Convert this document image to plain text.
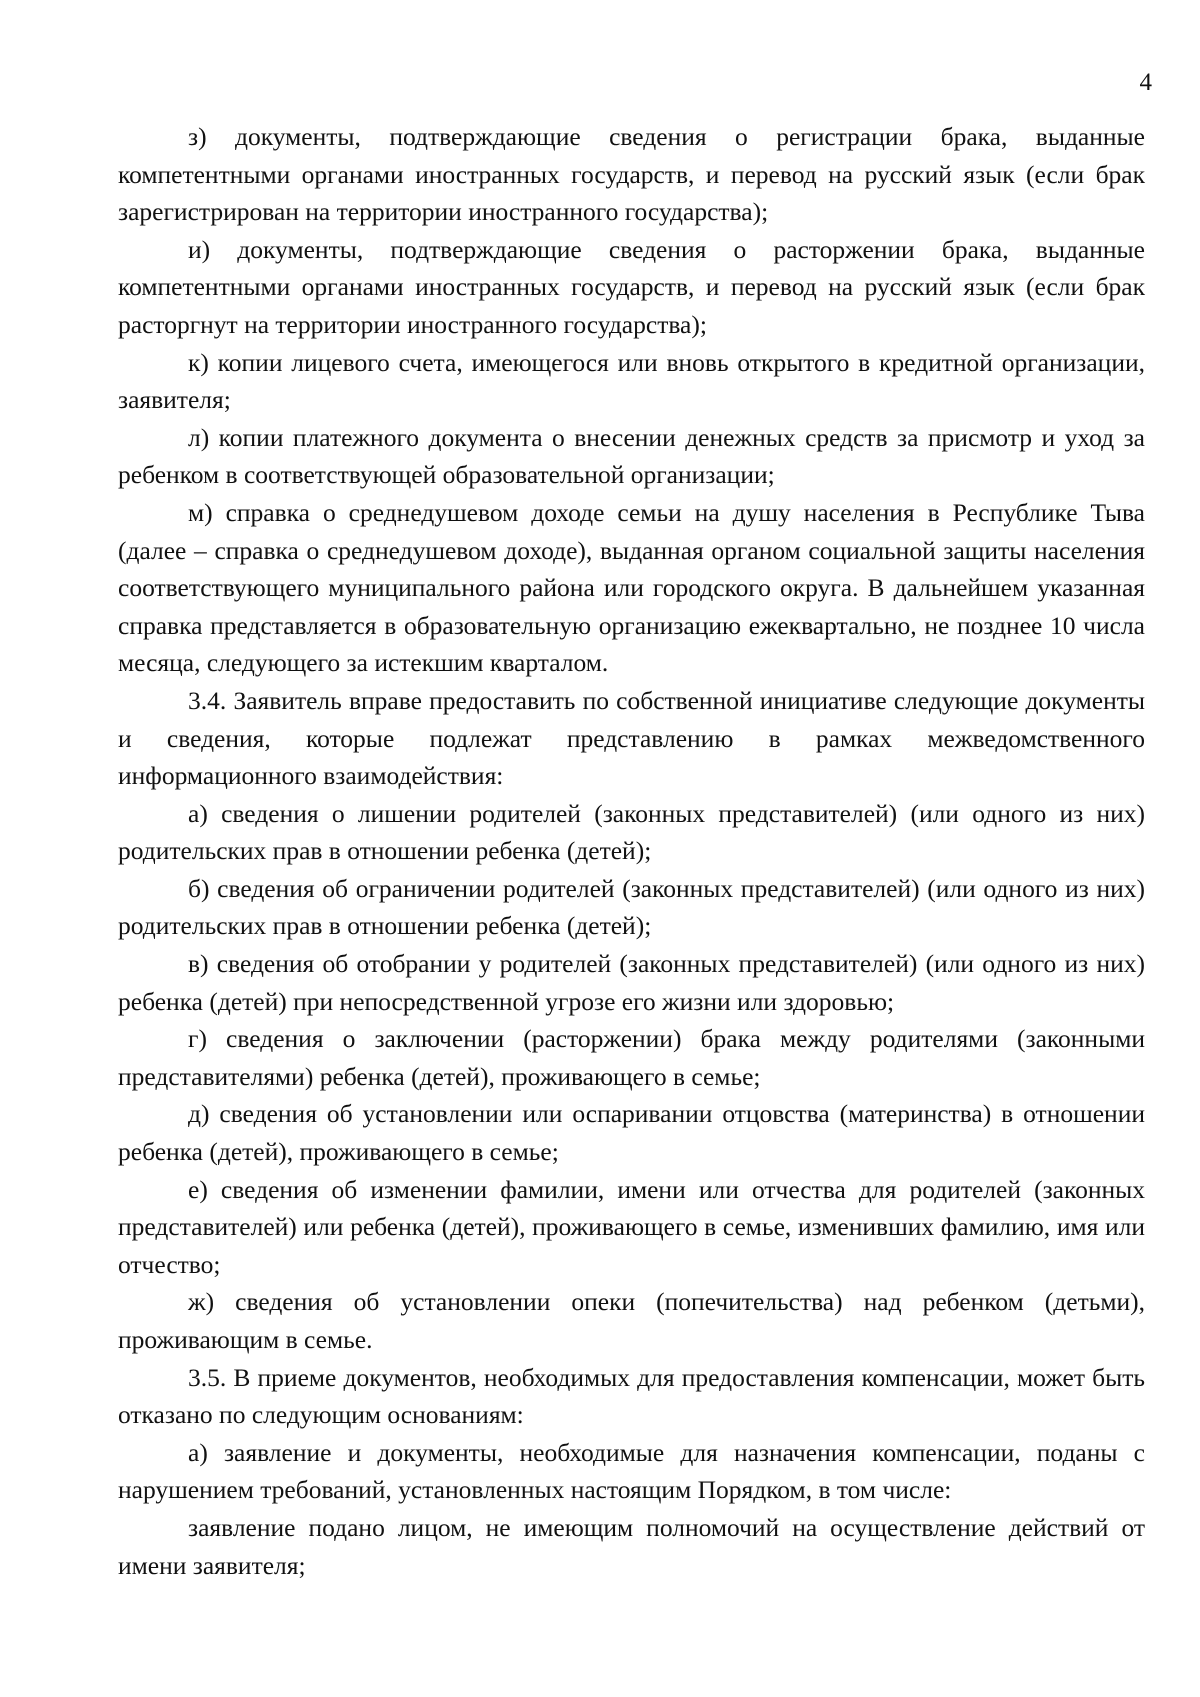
4

з) документы, подтверждающие сведения о регистрации брака, выданные компетентными органами иностранных государств, и перевод на русский язык (если брак зарегистрирован на территории иностранного государства);

и) документы, подтверждающие сведения о расторжении брака, выданные компетентными органами иностранных государств, и перевод на русский язык (если брак расторгнут на территории иностранного государства);

к) копии лицевого счета, имеющегося или вновь открытого в кредитной организации, заявителя;

л) копии платежного документа о внесении денежных средств за присмотр и уход за ребенком в соответствующей образовательной организации;

м) справка о среднедушевом доходе семьи на душу населения в Республике Тыва (далее – справка о среднедушевом доходе), выданная органом социальной защиты населения соответствующего муниципального района или городского округа. В дальнейшем указанная справка представляется в образовательную организацию ежеквартально, не позднее 10 числа месяца, следующего за истекшим кварталом.

3.4. Заявитель вправе предоставить по собственной инициативе следующие документы и сведения, которые подлежат представлению в рамках межведомственного информационного взаимодействия:

а) сведения о лишении родителей (законных представителей) (или одного из них) родительских прав в отношении ребенка (детей);

б) сведения об ограничении родителей (законных представителей) (или одного из них) родительских прав в отношении ребенка (детей);

в) сведения об отобрании у родителей (законных представителей) (или одного из них) ребенка (детей) при непосредственной угрозе его жизни или здоровью;

г) сведения о заключении (расторжении) брака между родителями (законными представителями) ребенка (детей), проживающего в семье;

д) сведения об установлении или оспаривании отцовства (материнства) в отношении ребенка (детей), проживающего в семье;

е) сведения об изменении фамилии, имени или отчества для родителей (законных представителей) или ребенка (детей), проживающего в семье, изменивших фамилию, имя или отчество;

ж) сведения об установлении опеки (попечительства) над ребенком (детьми), проживающим в семье.

3.5. В приеме документов, необходимых для предоставления компенсации, может быть отказано по следующим основаниям:

а) заявление и документы, необходимые для назначения компенсации, поданы с нарушением требований, установленных настоящим Порядком, в том числе:

заявление подано лицом, не имеющим полномочий на осуществление действий от имени заявителя;
